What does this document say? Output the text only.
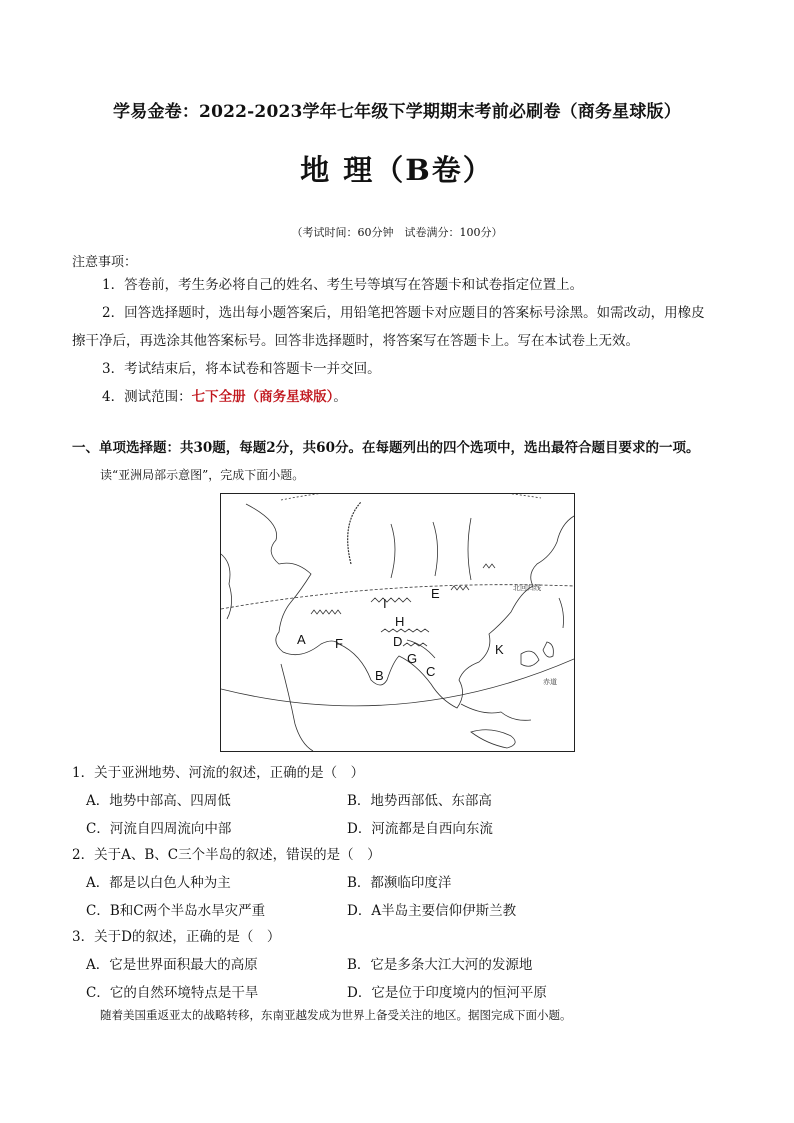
学易金卷：2022-2023学年七年级下学期期末考前必刷卷（商务星球版）
地 理（B卷）
（考试时间：60分钟　试卷满分：100分）
注意事项：
1．答卷前，考生务必将自己的姓名、考生号等填写在答题卡和试卷指定位置上。
2．回答选择题时，选出每小题答案后，用铅笔把答题卡对应题目的答案标号涂黑。如需改动，用橡皮
擦干净后，再选涂其他答案标号。回答非选择题时，将答案写在答题卡上。写在本试卷上无效。
3．考试结束后，将本试卷和答题卡一并交回。
4．测试范围：七下全册（商务星球版）。
一、单项选择题：共30题，每题2分，共60分。在每题列出的四个选项中，选出最符合题目要求的一项。
读“亚洲局部示意图”，完成下面小题。
A
B	C
D
E
F
G
H
I
K
北回归线
赤道
1．关于亚洲地势、河流的叙述，正确的是（　）
A．地势中部高、四周低	B．地势西部低、东部高
C．河流自四周流向中部	D．河流都是自西向东流
2．关于A、B、C三个半岛的叙述，错误的是（　）
A．都是以白色人种为主	B．都濒临印度洋
C．B和C两个半岛水旱灾严重	D．A半岛主要信仰伊斯兰教
3．关于D的叙述，正确的是（　）
A．它是世界面积最大的高原	B．它是多条大江大河的发源地
C．它的自然环境特点是干旱	D．它是位于印度境内的恒河平原
随着美国重返亚太的战略转移，东南亚越发成为世界上备受关注的地区。据图完成下面小题。
